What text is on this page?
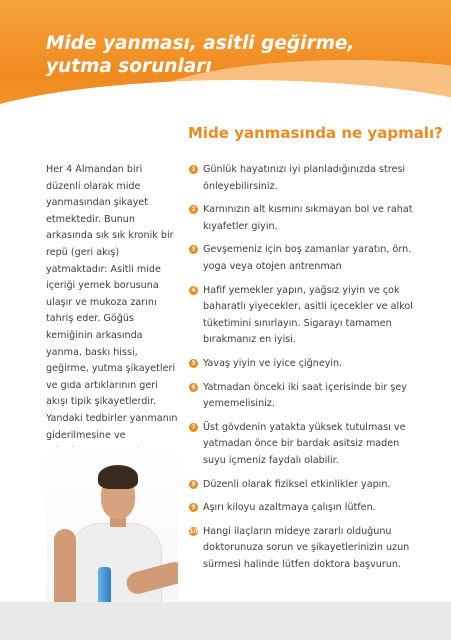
Mide yanması, asitli geğirme, yutma sorunları
Mide yanmasında ne yapmalı?

Her 4 Almandan biri düzenli olarak mide yanmasından şikayet etmektedir. Bunun arkasında sık sık kronik bir repü (geri akış) yatmaktadır: Asitli mide içeriği yemek borusuna ulaşır ve mukoza zarını tahriş eder. Göğüs kemiğinin arkasında yanma, baskı hissi, geğirme, yutma şikayetleri ve gıda artıklarının geri akışı tipik şikayetlerdir. Yandaki tedbirler yanmanın giderilmesine ve

1 Günlük hayatınızı iyi planladığınızda stresi önleyebilirsiniz.
2 Karnınızın alt kısmını sıkmayan bol ve rahat kıyafetler giyin.
3 Gevşemeniz için boş zamanlar yaratın, örn. yoga veya otojen antrenman
4 Hafif yemekler yapın, yağsız yiyin ve çok baharatlı yiyecekler, asitli içecekler ve alkol tüketimini sınırlayın. Sigarayı tamamen bırakmanız en iyisi.
5 Yavaş yiyin ve iyice çiğneyin.
6 Yatmadan önceki iki saat içerisinde bir şey yememelisiniz.
7 Üst gövdenin yatakta yüksek tutulması ve yatmadan önce bir bardak asitsiz maden suyu içmeniz faydalı olabilir.
8 Düzenli olarak fiziksel etkinlikler yapın.
9 Aşırı kiloyu azaltmaya çalışın lütfen.
10 Hangi ilaçların mideye zararlı olduğunu doktorunuza sorun ve şikayetlerinizin uzun sürmesi halinde lütfen doktora başvurun.
